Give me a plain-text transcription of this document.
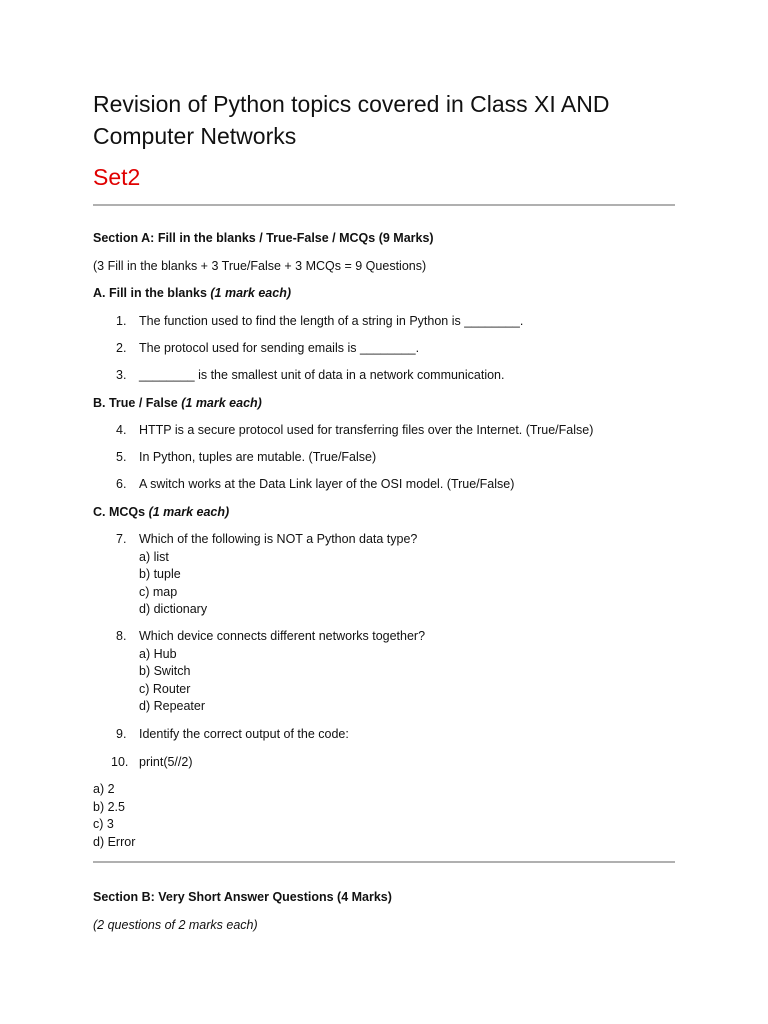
Revision of Python topics covered in Class XI AND
Computer Networks
Set2

Section A: Fill in the blanks / True-False / MCQs (9 Marks)

(3 Fill in the blanks + 3 True/False + 3 MCQs = 9 Questions)

A. Fill in the blanks (1 mark each)

1. The function used to find the length of a string in Python is ________.
2. The protocol used for sending emails is ________.
3. ________ is the smallest unit of data in a network communication.

B. True / False (1 mark each)

4. HTTP is a secure protocol used for transferring files over the Internet. (True/False)
5. In Python, tuples are mutable. (True/False)
6. A switch works at the Data Link layer of the OSI model. (True/False)

C. MCQs (1 mark each)

7. Which of the following is NOT a Python data type?
a) list
b) tuple
c) map
d) dictionary
8. Which device connects different networks together?
a) Hub
b) Switch
c) Router
d) Repeater
9. Identify the correct output of the code:
10. print(5//2)

a) 2
b) 2.5
c) 3
d) Error

Section B: Very Short Answer Questions (4 Marks)

(2 questions of 2 marks each)
